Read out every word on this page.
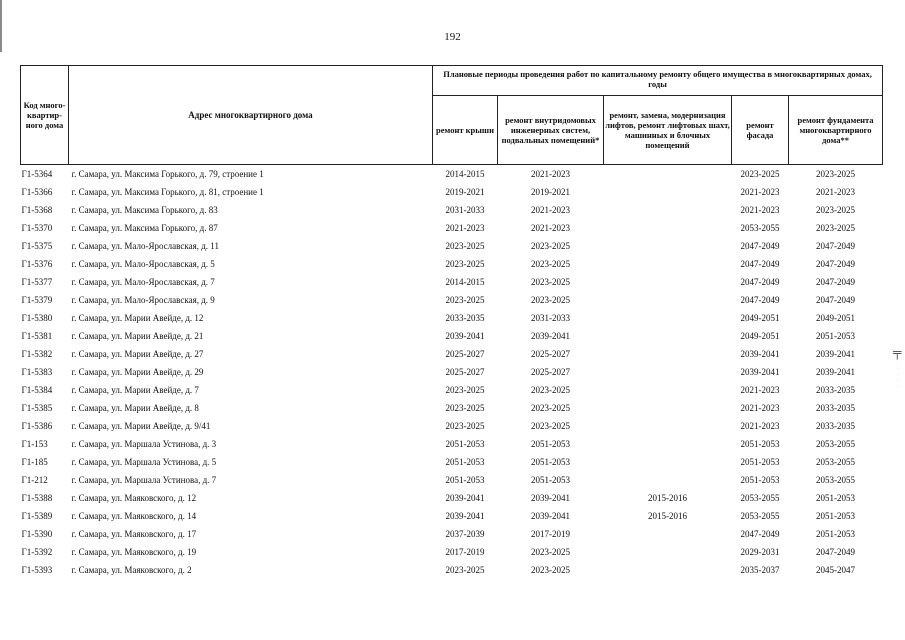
192
╤
·
·
·
·
·
Код много-квартир-ного дома	Адрес многоквартирного дома	Плановые периоды проведения работ по капитальному ремонту общего имущества в многоквартирных домах, годы				
		ремонт крыши	ремонт внутридомовых инженерных систем, подвальных помещений*	ремонт, замена, модернизация лифтов, ремонт лифтовых шахт, машинных и блочных помещений	ремонт фасада	ремонт фундамента многоквартирного дома**
Г1-5364	г. Самара, ул. Максима Горького, д. 79, строение 1	2014-2015	2021-2023		2023-2025	2023-2025
Г1-5366	г. Самара, ул. Максима Горького, д. 81, строение 1	2019-2021	2019-2021		2021-2023	2021-2023
Г1-5368	г. Самара, ул. Максима Горького, д. 83	2031-2033	2021-2023		2021-2023	2023-2025
Г1-5370	г. Самара, ул. Максима Горького, д. 87	2021-2023	2021-2023		2053-2055	2023-2025
Г1-5375	г. Самара, ул. Мало-Ярославская, д. 11	2023-2025	2023-2025		2047-2049	2047-2049
Г1-5376	г. Самара, ул. Мало-Ярославская, д. 5	2023-2025	2023-2025		2047-2049	2047-2049
Г1-5377	г. Самара, ул. Мало-Ярославская, д. 7	2014-2015	2023-2025		2047-2049	2047-2049
Г1-5379	г. Самара, ул. Мало-Ярославская, д. 9	2023-2025	2023-2025		2047-2049	2047-2049
Г1-5380	г. Самара, ул. Марии Авейде, д. 12	2033-2035	2031-2033		2049-2051	2049-2051
Г1-5381	г. Самара, ул. Марии Авейде, д. 21	2039-2041	2039-2041		2049-2051	2051-2053
Г1-5382	г. Самара, ул. Марии Авейде, д. 27	2025-2027	2025-2027		2039-2041	2039-2041
Г1-5383	г. Самара, ул. Марии Авейде, д. 29	2025-2027	2025-2027		2039-2041	2039-2041
Г1-5384	г. Самара, ул. Марии Авейде, д. 7	2023-2025	2023-2025		2021-2023	2033-2035
Г1-5385	г. Самара, ул. Марии Авейде, д. 8	2023-2025	2023-2025		2021-2023	2033-2035
Г1-5386	г. Самара, ул. Марии Авейде, д. 9/41	2023-2025	2023-2025		2021-2023	2033-2035
Г1-153	г. Самара, ул. Маршала Устинова, д. 3	2051-2053	2051-2053		2051-2053	2053-2055
Г1-185	г. Самара, ул. Маршала Устинова, д. 5	2051-2053	2051-2053		2051-2053	2053-2055
Г1-212	г. Самара, ул. Маршала Устинова, д. 7	2051-2053	2051-2053		2051-2053	2053-2055
Г1-5388	г. Самара, ул. Маяковского, д. 12	2039-2041	2039-2041	2015-2016	2053-2055	2051-2053
Г1-5389	г. Самара, ул. Маяковского, д. 14	2039-2041	2039-2041	2015-2016	2053-2055	2051-2053
Г1-5390	г. Самара, ул. Маяковского, д. 17	2037-2039	2017-2019		2047-2049	2051-2053
Г1-5392	г. Самара, ул. Маяковского, д. 19	2017-2019	2023-2025		2029-2031	2047-2049
Г1-5393	г. Самара, ул. Маяковского, д. 2	2023-2025	2023-2025		2035-2037	2045-2047
